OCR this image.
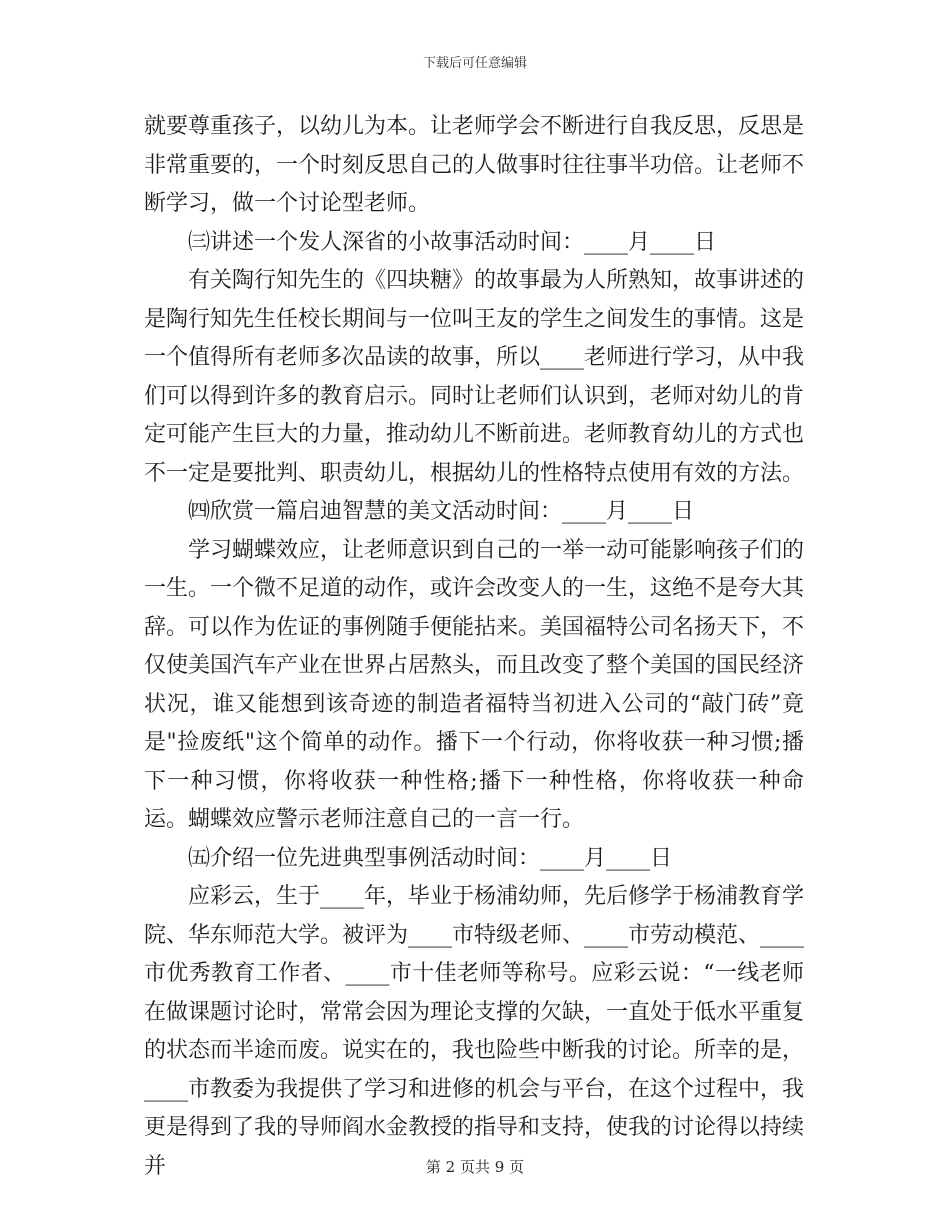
下载后可任意编辑

就要尊重孩子，以幼儿为本。让老师学会不断进行自我反思，反思是非常重要的，一个时刻反思自己的人做事时往往事半功倍。让老师不断学习，做一个讨论型老师。

㈢讲述一个发人深省的小故事活动时间：____月____日

有关陶行知先生的《四块糖》的故事最为人所熟知，故事讲述的是陶行知先生任校长期间与一位叫王友的学生之间发生的事情。这是一个值得所有老师多次品读的故事，所以____老师进行学习，从中我们可以得到许多的教育启示。同时让老师们认识到，老师对幼儿的肯定可能产生巨大的力量，推动幼儿不断前进。老师教育幼儿的方式也不一定是要批判、职责幼儿，根据幼儿的性格特点使用有效的方法。

㈣欣赏一篇启迪智慧的美文活动时间：____月____日

学习蝴蝶效应，让老师意识到自己的一举一动可能影响孩子们的一生。一个微不足道的动作，或许会改变人的一生，这绝不是夸大其辞。可以作为佐证的事例随手便能拈来。美国福特公司名扬天下，不仅使美国汽车产业在世界占居熬头，而且改变了整个美国的国民经济状况，谁又能想到该奇迹的制造者福特当初进入公司的“敲门砖”竟是"捡废纸"这个简单的动作。播下一个行动，你将收获一种习惯;播下一种习惯，你将收获一种性格;播下一种性格，你将收获一种命运。蝴蝶效应警示老师注意自己的一言一行。

㈤介绍一位先进典型事例活动时间：____月____日

应彩云，生于____年，毕业于杨浦幼师，先后修学于杨浦教育学院、华东师范大学。被评为____市特级老师、____市劳动模范、____市优秀教育工作者、____市十佳老师等称号。应彩云说：“一线老师在做课题讨论时，常常会因为理论支撑的欠缺，一直处于低水平重复的状态而半途而废。说实在的，我也险些中断我的讨论。所幸的是，____市教委为我提供了学习和进修的机会与平台，在这个过程中，我更是得到了我的导师阎水金教授的指导和支持，使我的讨论得以持续并	第 2 页共 9 页
